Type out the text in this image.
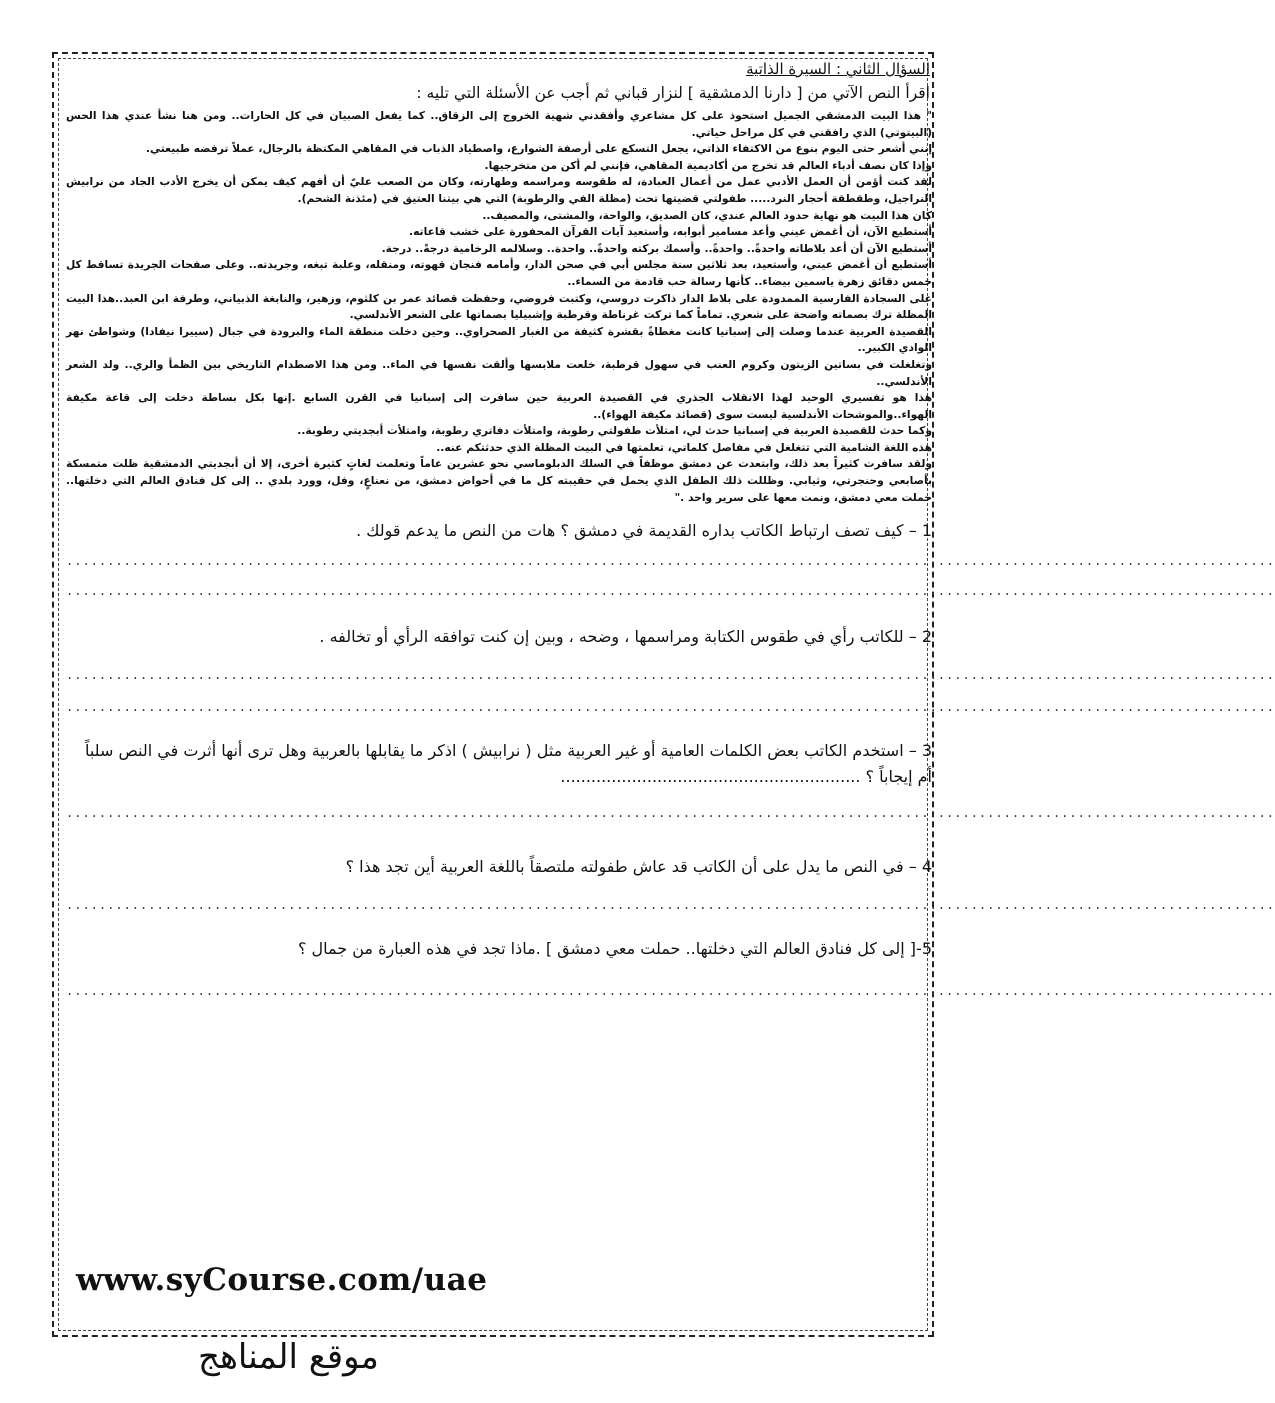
السؤال الثاني : السيرة الذاتية
اقرأ النص الآتي من [ دارنا الدمشقية ] لنزار قباني ثم أجب عن الأسئلة التي تليه :

" هذا البيت الدمشقي الجميل استحوذ على كل مشاعري وأفقدني شهية الخروج إلى الزقاق.. كما يفعل الصبيان في كل الحارات.. ومن هنا نشأ عندي هذا الحس (البيتوتي) الذي رافقني في كل مراحل حياتي.

إنني أشعر حتى اليوم بنوع من الاكتفاء الذاتي، يجعل التسكع على أرصفة الشوارع، واصطياد الذباب في المقاهي المكتظة بالرجال، عملاً ترفضه طبيعتي.

وإذا كان نصف أدباء العالم قد تخرج من أكاديمية المقاهي، فإنني لم أكن من متخرجيها.

لقد كنت أؤمن أن العمل الأدبي عمل من أعمال العبادة، له طقوسه ومراسمه وطهارته، وكان من الصعب عليّ أن أفهم كيف يمكن أن يخرج الأدب الجاد من نرابيش النراجيل، وطقطقة أحجار النرد..... طفولتي قضيتها تحت (مظلة الفي والرطوبة) التي هي بيتنا العتيق في (مئذنة الشحم).

كان هذا البيت هو نهاية حدود العالم عندي، كان الصديق، والواحة، والمشتى، والمصيف..

أستطيع الآن، أن أغمض عيني وأعد مسامير أبوابه، وأستعيد آيات القرآن المحفورة على خشب قاعاته.

أستطيع الآن أن أعد بلاطاته واحدةً.. واحدةً.. وأسمك بركته واحدةً.. واحدة.. وسلالمه الرخامية درجةً.. درجة.

أستطيع أن أغمض عيني، وأستعيد، بعد ثلاثين سنة مجلس أبي في صحن الدار، وأمامه فنجان قهوته، ومنقله، وعلبة تبغه، وجريدته.. وعلى صفحات الجريدة تساقط كل خمس دقائق زهرة ياسمين بيضاء.. كأنها رسالة حب قادمة من السماء..

على السجادة الفارسية الممدودة على بلاط الدار ذاكرت دروسي، وكتبت فروضي، وحفظت قصائد عمر بن كلثوم، وزهير، والنابغة الذبياني، وطرفة ابن العبد..هذا البيت المظلة ترك بصماته واضحة على شعري. تماماً كما تركت غرناطة وقرطبة وإشبيليا بصماتها على الشعر الأندلسي.

القصيدة العربية عندما وصلت إلى إسبانيا كانت مغطاةً بقشرة كثيفة من الغبار الصحراوي.. وحين دخلت منطقة الماء والبرودة في جبال (سييرا نيفادا) وشواطئ نهر الوادي الكبير..

وتغلغلت في بساتين الزيتون وكروم العنب في سهول قرطبة، خلعت ملابسها وألقت نفسها في الماء.. ومن هذا الاصطدام التاريخي بين الظمأ والري.. ولد الشعر الأندلسي..

هذا هو تفسيري الوحيد لهذا الانقلاب الجذري في القصيدة العربية حين سافرت إلى إسبانيا في القرن السابع .إنها بكل بساطة دخلت إلى قاعة مكيفة الهواء..والموشحات الأندلسية ليست سوى (قصائد مكيفة الهواء)..

وكما حدث للقصيدة العربية في إسبانيا حدث لي، امتلأت طفولتي رطوبة، وامتلأت دفاتري رطوبة، وامتلأت أبجديتي رطوبة..

هذه اللغة الشامية التي تتغلغل في مفاصل كلماتي، تعلمتها في البيت المظلة الذي حدثتكم عنه..

ولقد سافرت كثيراً بعد ذلك، وابتعدت عن دمشق موظفاً في السلك الدبلوماسي نحو عشرين عاماً وتعلمت لغاتٍ كثيرة أخرى، إلا أن أبجديتي الدمشقية ظلت متمسكة بأصابعي وحنجرتي، وثيابي. وظللت ذلك الطفل الذي يحمل في حقيبته كل ما في أحواض دمشق، من نعناعٍ، وفل، وورد بلدي .. إلى كل فنادق العالم التي دخلتها.. حملت معي دمشق، ونمت معها على سرير واحد ."

1 – كيف تصف ارتباط الكاتب بداره القديمة في دمشق ؟ هات من النص ما يدعم قولك .
...................................................................................................................................................
...................................................................................................................................................
2 – للكاتب رأي في طقوس الكتابة ومراسمها ، وضحه ، وبين إن كنت توافقه الرأي أو تخالفه .
...................................................................................................................................................
...................................................................................................................................................
3 – استخدم الكاتب بعض الكلمات العامية أو غير العربية مثل ( نرابيش ) اذكر ما يقابلها بالعربية وهل ترى أنها أثرت في النص سلباً أم إيجاباً ؟ ...........................................................
...................................................................................................................................................
4 – في النص ما يدل على أن الكاتب قد عاش طفولته ملتصقاً باللغة العربية أين تجد هذا ؟
...................................................................................................................................................
5-[ إلى كل فنادق العالم التي دخلتها.. حملت معي دمشق ] .ماذا تجد في هذه العبارة من جمال ؟
...................................................................................................................................................
www.syCourse.com/uae
موقع المناهج
